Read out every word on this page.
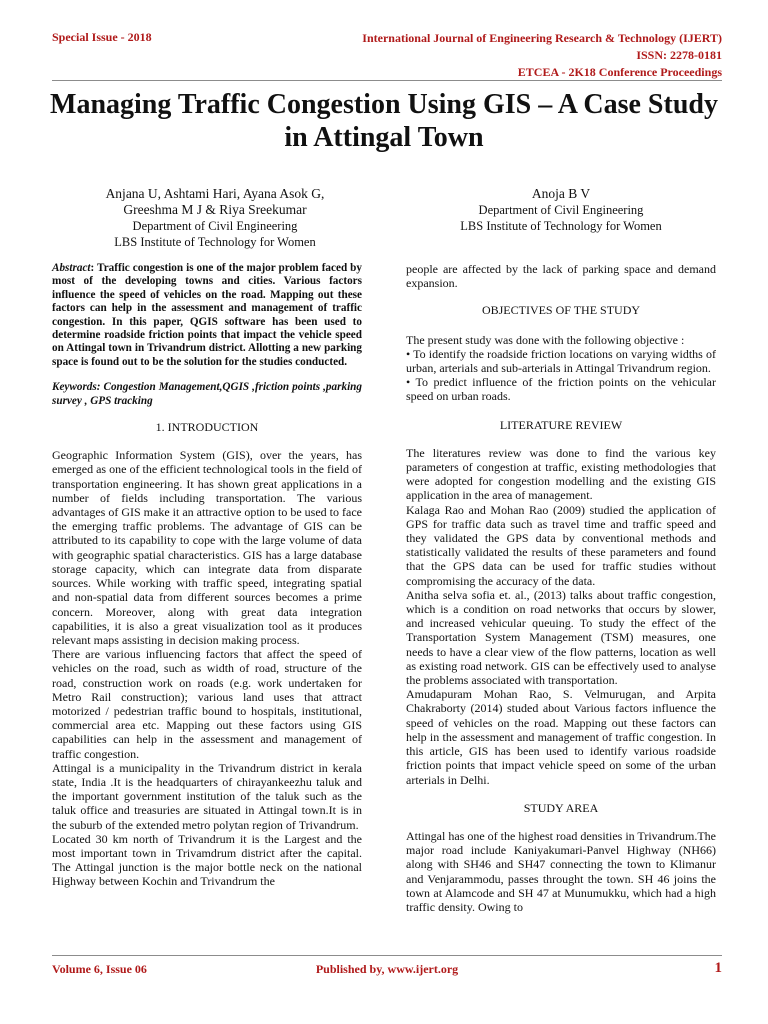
Special Issue - 2018	International Journal of Engineering Research & Technology (IJERT)
ISSN: 2278-0181
ETCEA - 2K18 Conference Proceedings
Managing Traffic Congestion Using GIS – A Case Study in Attingal Town
Anjana U, Ashtami Hari, Ayana Asok G,
Greeshma M J & Riya Sreekumar
Department of Civil Engineering
LBS Institute of Technology for Women
Anoja B V
Department of Civil Engineering
LBS Institute of Technology for Women

Abstract: Traffic congestion is one of the major problem faced by most of the developing towns and cities. Various factors influence the speed of vehicles on the road. Mapping out these factors can help in the assessment and management of traffic congestion. In this paper, QGIS software has been used to determine roadside friction points that impact the vehicle speed on Attingal town in Trivandrum district. Allotting a new parking space is found out to be the solution for the studies conducted.

Keywords: Congestion Management,QGIS ,friction points ,parking survey , GPS tracking

1. INTRODUCTION

Geographic Information System (GIS), over the years, has emerged as one of the efficient technological tools in the field of transportation engineering. It has shown great applications in a number of fields including transportation. The various advantages of GIS make it an attractive option to be used to face the emerging traffic problems. The advantage of GIS can be attributed to its capability to cope with the large volume of data with geographic spatial characteristics. GIS has a large database storage capacity, which can integrate data from disparate sources. While working with traffic speed, integrating spatial and non-spatial data from different sources becomes a prime concern. Moreover, along with great data integration capabilities, it is also a great visualization tool as it produces relevant maps assisting in decision making process.

There are various influencing factors that affect the speed of vehicles on the road, such as width of road, structure of the road, construction work on roads (e.g. work undertaken for Metro Rail construction); various land uses that attract motorized / pedestrian traffic bound to hospitals, institutional, commercial area etc. Mapping out these factors using GIS capabilities can help in the assessment and management of traffic congestion.

Attingal is a municipality in the Trivandrum district in kerala state, India .It is the headquarters of chirayankeezhu taluk and the important government institution of the taluk such as the taluk office and treasuries are situated in Attingal town.It is in the suburb of the extended metro polytan region of Trivandrum.

Located 30 km north of Trivandrum it is the Largest and the most important town in Trivamdrum district after the capital. The Attingal junction is the major bottle neck on the national Highway between Kochin and Trivandrum the

people are affected by the lack of parking space and demand expansion.

OBJECTIVES OF THE STUDY

The present study was done with the following objective :

• To identify the roadside friction locations on varying widths of urban, arterials and sub-arterials in Attingal Trivandrum region.

• To predict influence of the friction points on the vehicular speed on urban roads.

LITERATURE REVIEW

The literatures review was done to find the various key parameters of congestion at traffic, existing methodologies that were adopted for congestion modelling and the existing GIS application in the area of management.

Kalaga Rao and Mohan Rao (2009) studied the application of GPS for traffic data such as travel time and traffic speed and they validated the GPS data by conventional methods and statistically validated the results of these parameters and found that the GPS data can be used for traffic studies without compromising the accuracy of the data.

Anitha selva sofia et. al., (2013) talks about traffic congestion, which is a condition on road networks that occurs by slower, and increased vehicular queuing. To study the effect of the Transportation System Management (TSM) measures, one needs to have a clear view of the flow patterns, location as well as existing road network. GIS can be effectively used to analyse the problems associated with transportation.

Amudapuram Mohan Rao, S. Velmurugan, and Arpita Chakraborty (2014) studed about Various factors influence the speed of vehicles on the road. Mapping out these factors can help in the assessment and management of traffic congestion. In this article, GIS has been used to identify various roadside friction points that impact vehicle speed on some of the urban arterials in Delhi.

STUDY AREA

Attingal has one of the highest road densities in Trivandrum.The major road include Kaniyakumari-Panvel Highway (NH66) along with SH46 and SH47 connecting the town to Klimanur and Venjarammodu, passes throught the town. SH 46 joins the town at Alamcode and SH 47 at Munumukku, which had a high traffic density. Owing to

Volume 6, Issue 06	Published by, www.ijert.org	1
